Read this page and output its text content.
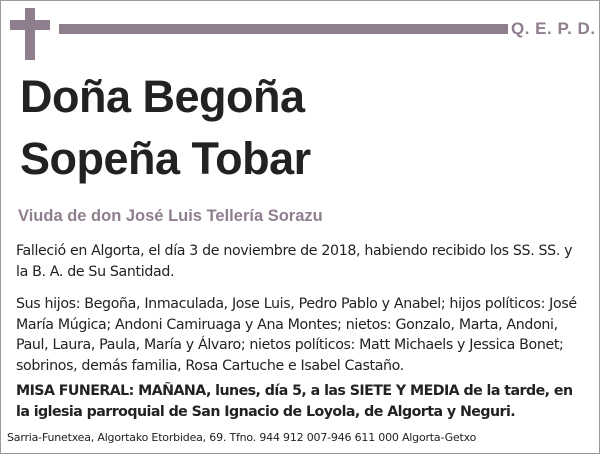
Q. E. P. D.
Doña Begoña
Sopeña Tobar
Viuda de don José Luis Tellería Sorazu
Falleció en Algorta, el día 3 de noviembre de 2018, habiendo recibido los SS. SS. y la B. A. de Su Santidad.
Sus hijos: Begoña, Inmaculada, Jose Luis, Pedro Pablo y Anabel; hijos políticos: José María Múgica; Andoni Camiruaga y Ana Montes; nietos: Gonzalo, Marta, Andoni, Paul, Laura, Paula, María y Álvaro; nietos políticos: Matt Michaels y Jessica Bonet; sobrinos, demás familia, Rosa Cartuche e Isabel Castaño.
MISA FUNERAL: MAÑANA, lunes, día 5, a las SIETE Y MEDIA de la tarde, en la iglesia parroquial de San Ignacio de Loyola, de Algorta y Neguri.
Sarria-Funetxea, Algortako Etorbidea, 69. Tfno. 944 912 007-946 611 000 Algorta-Getxo
